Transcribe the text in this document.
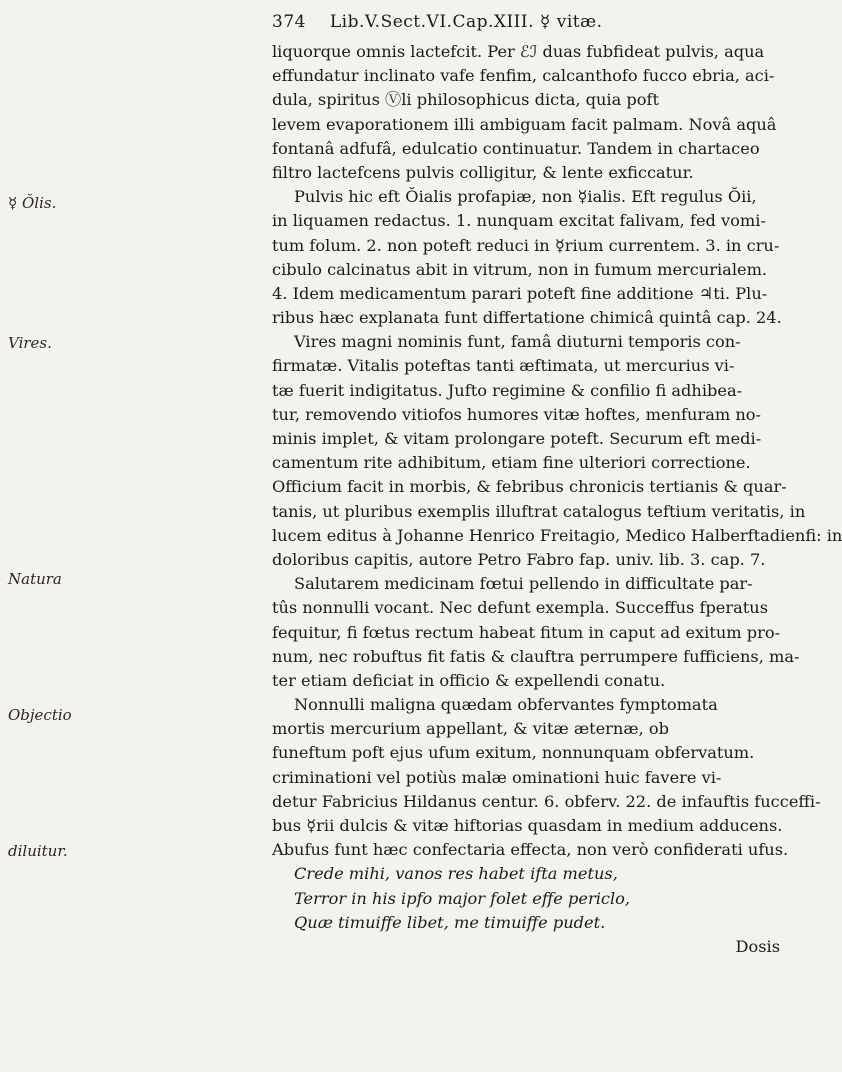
374 Lib.V.Sect.VI.Cap.XIII. ☿ vitæ.
Natura
☿ Ŏlis.
Vires.
Objectio
diluitur.
liquorque omnis lactefcit. Per ℰℐ duas fubfideat pulvis, aqua
effundatur inclinato vafe fenfim, calcanthofo fucco ebria, aci-
dula, spiritus Ⓥli philosophicus dicta, quia poft
levem evaporationem illi ambiguam facit palmam. Novâ aquâ
fontanâ adfufâ, edulcatio continuatur. Tandem in chartaceo
filtro lactefcens pulvis colligitur, & lente exficcatur.
Pulvis hic eft Ŏialis profapiæ, non ☿ialis. Eft regulus Ŏii,
in liquamen redactus. 1. nunquam excitat falivam, fed vomi-
tum folum. 2. non poteft reduci in ☿rium currentem. 3. in cru-
cibulo calcinatus abit in vitrum, non in fumum mercurialem.
4. Idem medicamentum parari poteft fine additione ♃ti. Plu-
ribus hæc explanata funt differtatione chimicâ quintâ cap. 24.
Vires magni nominis funt, famâ diuturni temporis con-
firmatæ. Vitalis poteftas tanti æftimata, ut mercurius vi-
tæ fuerit indigitatus. Jufto regimine & confilio fi adhibea-
tur, removendo vitiofos humores vitæ hoftes, menfuram no-
minis implet, & vitam prolongare poteft. Securum eft medi-
camentum rite adhibitum, etiam fine ulteriori correctione.
Officium facit in morbis, & febribus chronicis tertianis & quar-
tanis, ut pluribus exemplis illuftrat catalogus teftium veritatis, in
lucem editus à Johanne Henrico Freitagio, Medico Halberftadienfi: in
doloribus capitis, autore Petro Fabro fap. univ. lib. 3. cap. 7.
Salutarem medicinam fœtui pellendo in difficultate par-
tûs nonnulli vocant. Nec defunt exempla. Succeffus fperatus
fequitur, fi fœtus rectum habeat fitum in caput ad exitum pro-
num, nec robuftus fit fatis & clauftra perrumpere fufficiens, ma-
ter etiam deficiat in officio & expellendi conatu.
Nonnulli maligna quædam obfervantes fymptomata
mortis mercurium appellant, & vitæ æternæ, ob
funeftum poft ejus ufum exitum, nonnunquam obfervatum.
criminationi vel potiùs malæ ominationi huic favere vi-
detur Fabricius Hildanus centur. 6. obferv. 22. de infauftis fucceffi-
bus ☿rii dulcis & vitæ hiftorias quasdam in medium adducens.
Abufus funt hæc confectaria effecta, non verò confiderati ufus.
Crede mihi, vanos res habet ifta metus,
Terror in his ipfo major folet effe periclo,
Quæ timuiffe libet, me timuiffe pudet.
Dosis
